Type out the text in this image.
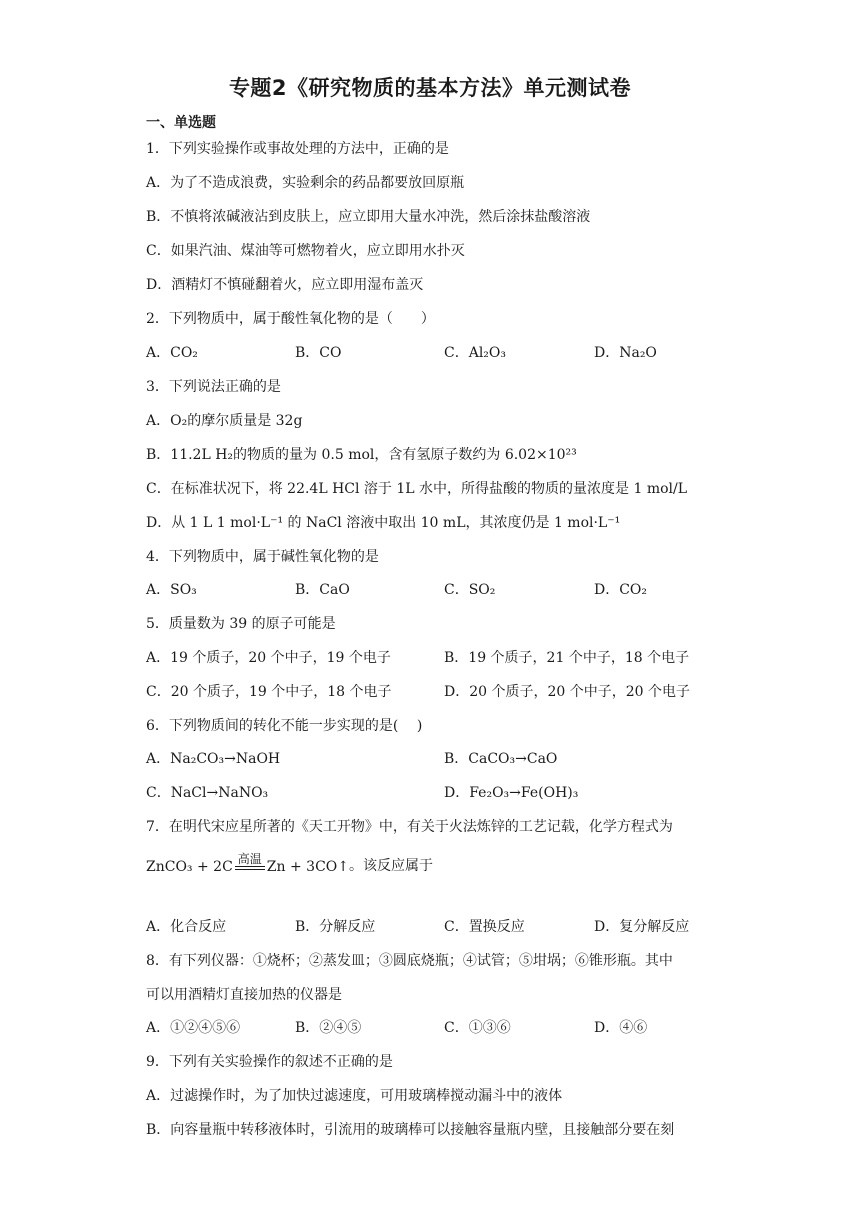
专题2《研究物质的基本方法》单元测试卷
一、单选题
1．下列实验操作或事故处理的方法中，正确的是
A．为了不造成浪费，实验剩余的药品都要放回原瓶
B．不慎将浓碱液沾到皮肤上，应立即用大量水冲洗，然后涂抹盐酸溶液
C．如果汽油、煤油等可燃物着火，应立即用水扑灭
D．酒精灯不慎碰翻着火，应立即用湿布盖灭
2．下列物质中，属于酸性氧化物的是（　　）
A．CO₂	B．CO	C．Al₂O₃	D．Na₂O
3．下列说法正确的是
A．O₂的摩尔质量是 32g
B．11.2L H₂的物质的量为 0.5 mol，含有氢原子数约为 6.02×10²³
C．在标准状况下，将 22.4L HCl 溶于 1L 水中，所得盐酸的物质的量浓度是 1 mol/L
D．从 1 L 1 mol·L⁻¹ 的 NaCl 溶液中取出 10 mL，其浓度仍是 1 mol·L⁻¹
4．下列物质中，属于碱性氧化物的是
A．SO₃	B．CaO	C．SO₂	D．CO₂
5．质量数为 39 的原子可能是
A．19 个质子，20 个中子，19 个电子	B．19 个质子，21 个中子，18 个电子
C．20 个质子，19 个中子，18 个电子	D．20 个质子，20 个中子，20 个电子
6．下列物质间的转化不能一步实现的是(　 )
A．Na₂CO₃→NaOH	B．CaCO₃→CaO
C．NaCl→NaNO₃	D．Fe₂O₃→Fe(OH)₃
7．在明代宋应星所著的《天工开物》中，有关于火法炼锌的工艺记载，化学方程式为
ZnCO₃ + 2C 高温 Zn + 3CO↑ 。该反应属于
A．化合反应	B．分解反应	C．置换反应	D．复分解反应
8．有下列仪器：①烧杯；②蒸发皿；③圆底烧瓶；④试管；⑤坩埚；⑥锥形瓶。其中
可以用酒精灯直接加热的仪器是
A．①②④⑤⑥	B．②④⑤	C．①③⑥	D．④⑥
9．下列有关实验操作的叙述不正确的是
A．过滤操作时，为了加快过滤速度，可用玻璃棒搅动漏斗中的液体
B．向容量瓶中转移液体时，引流用的玻璃棒可以接触容量瓶内壁，且接触部分要在刻
